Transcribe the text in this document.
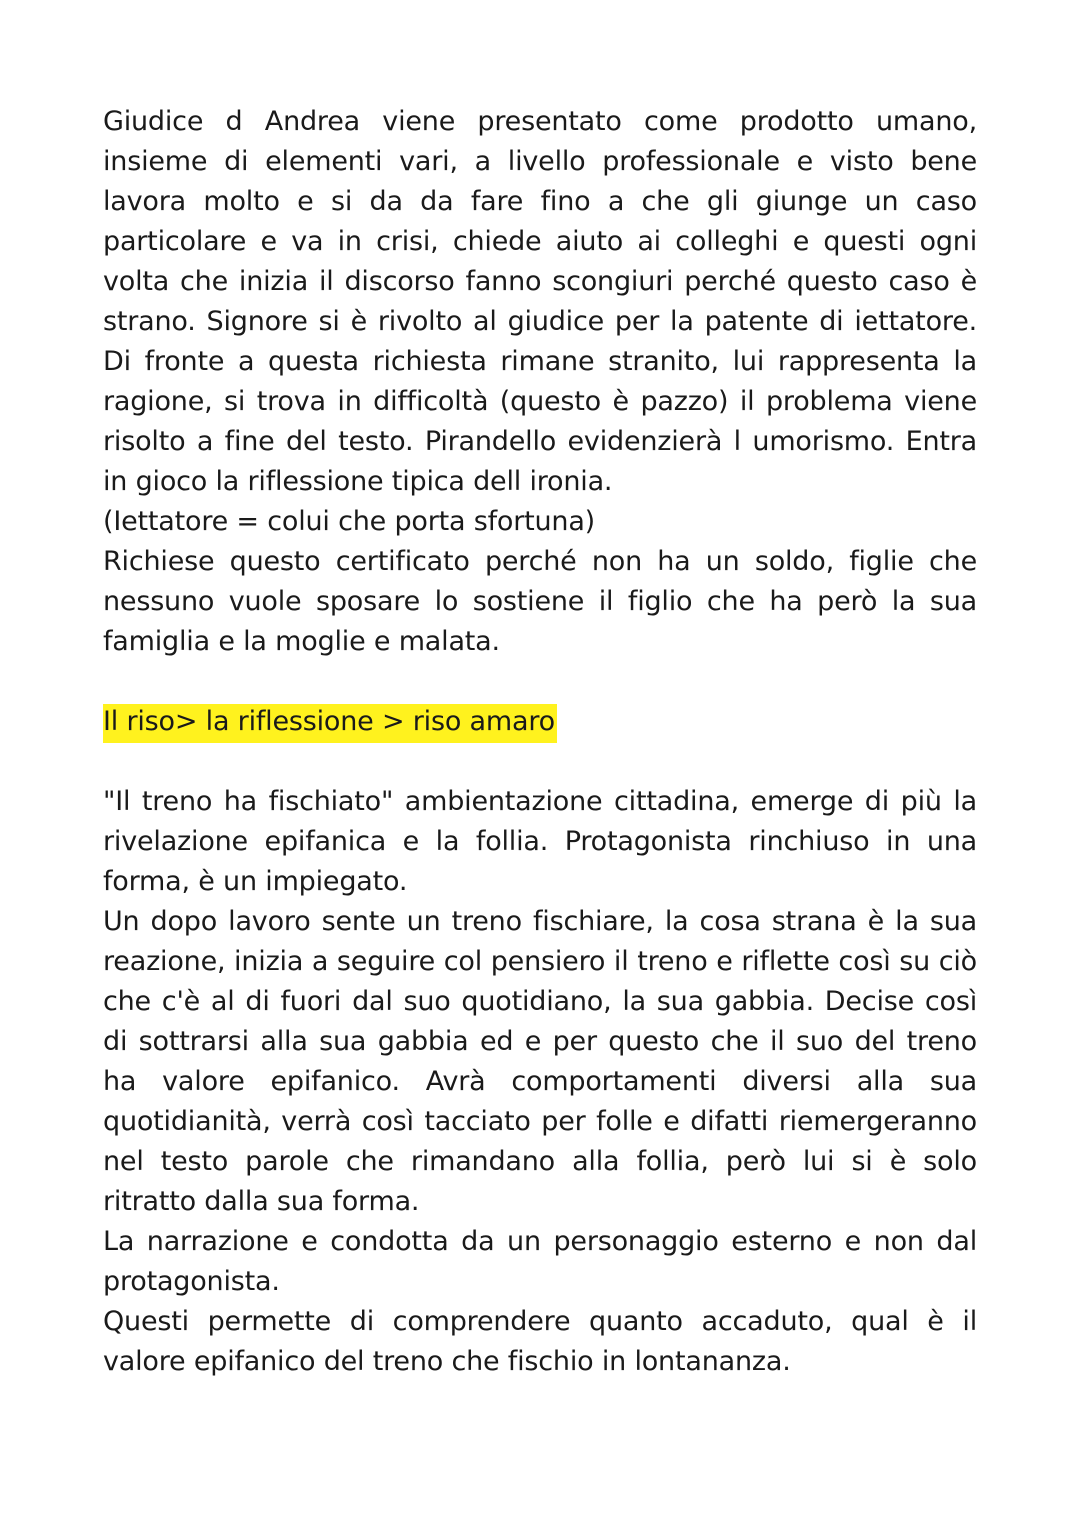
Giudice d Andrea viene presentato come prodotto umano, insieme di elementi vari, a livello professionale e visto bene lavora molto e si da da fare fino a che gli giunge un caso particolare e va in crisi, chiede aiuto ai colleghi e questi ogni volta che inizia il discorso fanno scongiuri perché questo caso è strano. Signore si è rivolto al giudice per la patente di iettatore. Di fronte a questa richiesta rimane stranito, lui rappresenta la ragione, si trova in difficoltà (questo è pazzo) il problema viene risolto a fine del testo. Pirandello evidenzierà l umorismo. Entra in gioco la riflessione tipica dell ironia.

(Iettatore = colui che porta sfortuna)

Richiese questo certificato perché non ha un soldo, figlie che nessuno vuole sposare lo sostiene il figlio che ha però la sua famiglia e la moglie e malata.

Il riso> la riflessione > riso amaro

"Il treno ha fischiato" ambientazione cittadina, emerge di più la rivelazione epifanica e la follia. Protagonista rinchiuso in una forma, è un impiegato.

Un dopo lavoro sente un treno fischiare, la cosa strana è la sua reazione, inizia a seguire col pensiero il treno e riflette così su ciò che c'è al di fuori dal suo quotidiano, la sua gabbia. Decise così di sottrarsi alla sua gabbia ed e per questo che il suo del treno ha valore epifanico. Avrà comportamenti diversi alla sua quotidianità, verrà così tacciato per folle e difatti riemergeranno nel testo parole che rimandano alla follia, però lui si è solo ritratto dalla sua forma.

La narrazione e condotta da un personaggio esterno e non dal protagonista.

Questi permette di comprendere quanto accaduto, qual è il valore epifanico del treno che fischio in lontananza.
